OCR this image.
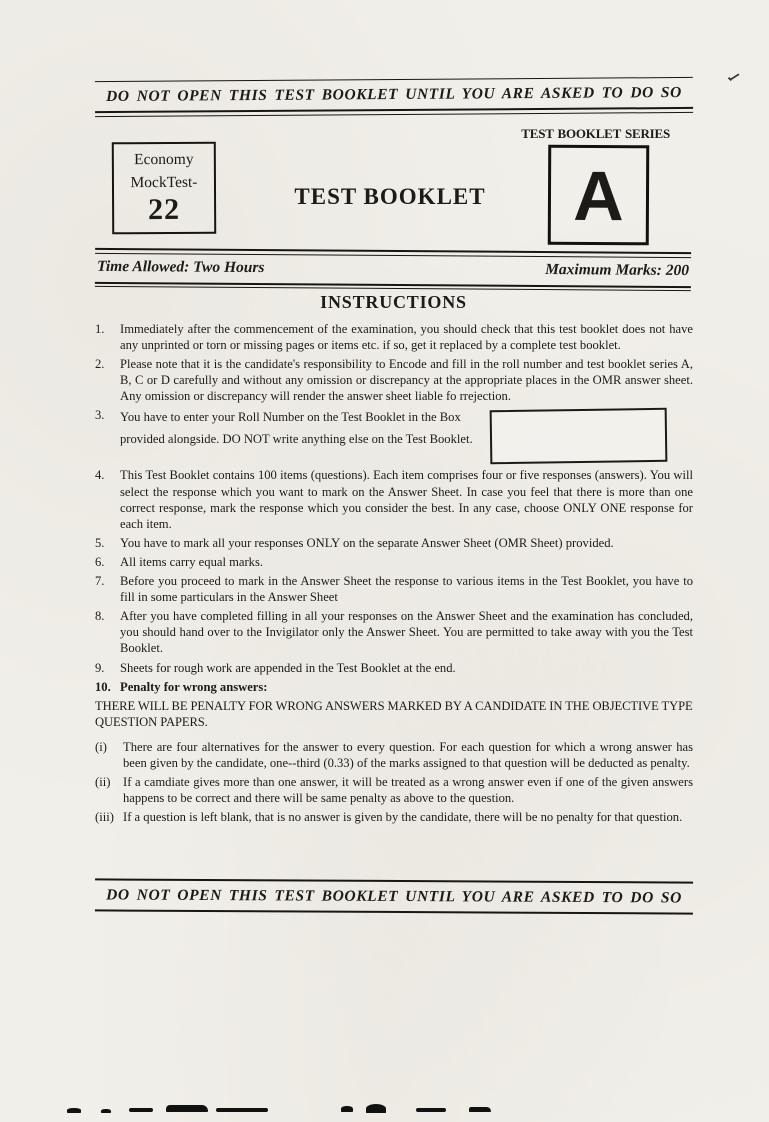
DO NOT OPEN THIS TEST BOOKLET UNTIL YOU ARE ASKED TO DO SO
TEST BOOKLET SERIES
Economy
MockTest-
22	TEST BOOKLET	A
Time Allowed: Two Hours	Maximum Marks: 200
INSTRUCTIONS
1.	Immediately after the commencement of the examination, you should check that this test booklet does not have any unprinted or torn or missing pages or items etc. if so, get it replaced by a complete test booklet.
2.	Please note that it is the candidate's responsibility to Encode and fill in the roll number and test booklet series A, B, C or D carefully and without any omission or discrepancy at the appropriate places in the OMR answer sheet. Any omission or discrepancy will render the answer sheet liable fo rrejection.
3.	You have to enter your Roll Number on the Test Booklet in the Box provided alongside. DO NOT write anything else on the Test Booklet.
4.	This Test Booklet contains 100 items (questions). Each item comprises four or five responses (answers). You will select the response which you want to mark on the Answer Sheet. In case you feel that there is more than one correct response, mark the response which you consider the best. In any case, choose ONLY ONE response for each item.
5.	You have to mark all your responses ONLY on the separate Answer Sheet (OMR Sheet) provided.
6.	All items carry equal marks.
7.	Before you proceed to mark in the Answer Sheet the response to various items in the Test Booklet, you have to fill in some particulars in the Answer Sheet
8.	After you have completed filling in all your responses on the Answer Sheet and the examination has concluded, you should hand over to the Invigilator only the Answer Sheet. You are permitted to take away with you the Test Booklet.
9.	Sheets for rough work are appended in the Test Booklet at the end.
10. Penalty for wrong answers:
THERE WILL BE PENALTY FOR WRONG ANSWERS MARKED BY A CANDIDATE IN THE OBJECTIVE TYPE QUESTION PAPERS.
(i)	There are four alternatives for the answer to every question. For each question for which a wrong answer has been given by the candidate, one--third (0.33) of the marks assigned to that question will be deducted as penalty.
(ii)	If a camdiate gives more than one answer, it will be treated as a wrong answer even if one of the given answers happens to be correct and there will be same penalty as above to the question.
(iii) If a question is left blank, that is no answer is given by the candidate, there will be no penalty for that question.
DO NOT OPEN THIS TEST BOOKLET UNTIL YOU ARE ASKED TO DO SO
